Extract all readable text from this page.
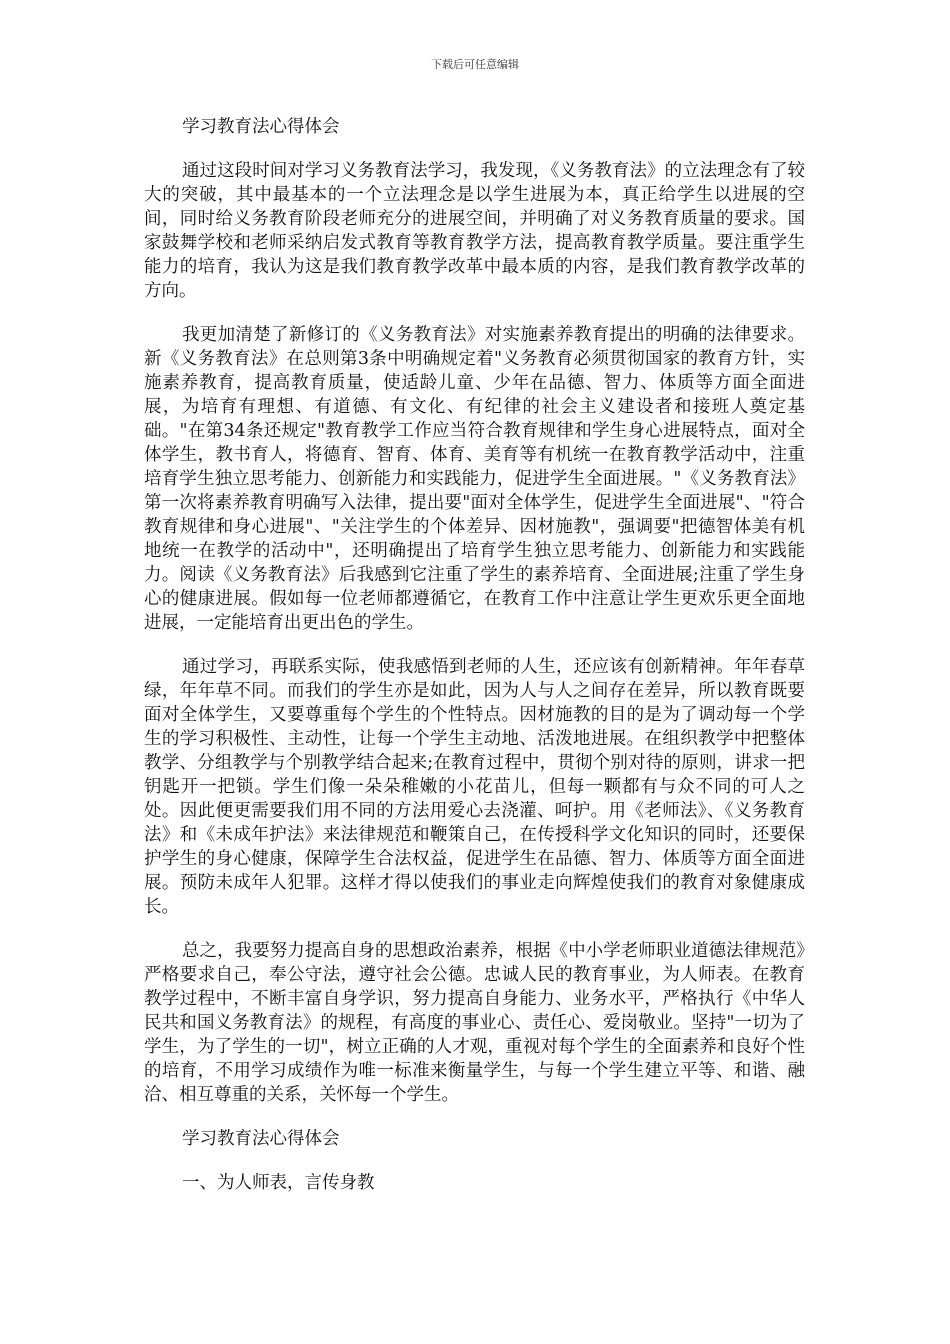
下载后可任意编辑

学习教育法心得体会

通过这段时间对学习义务教育法学习，我发现，《义务教育法》的立法理念有了较大的突破，其中最基本的一个立法理念是以学生进展为本，真正给学生以进展的空间，同时给义务教育阶段老师充分的进展空间，并明确了对义务教育质量的要求。国家鼓舞学校和老师采纳启发式教育等教育教学方法，提高教育教学质量。要注重学生能力的培育，我认为这是我们教育教学改革中最本质的内容，是我们教育教学改革的方向。

我更加清楚了新修订的《义务教育法》对实施素养教育提出的明确的法律要求。新《义务教育法》在总则第3条中明确规定着"义务教育必须贯彻国家的教育方针，实施素养教育，提高教育质量，使适龄儿童、少年在品德、智力、体质等方面全面进展，为培育有理想、有道德、有文化、有纪律的社会主义建设者和接班人奠定基础。"在第34条还规定"教育教学工作应当符合教育规律和学生身心进展特点，面对全体学生，教书育人，将德育、智育、体育、美育等有机统一在教育教学活动中，注重培育学生独立思考能力、创新能力和实践能力，促进学生全面进展。"《义务教育法》第一次将素养教育明确写入法律，提出要"面对全体学生，促进学生全面进展"、"符合教育规律和身心进展"、"关注学生的个体差异、因材施教"，强调要"把德智体美有机地统一在教学的活动中"，还明确提出了培育学生独立思考能力、创新能力和实践能力。阅读《义务教育法》后我感到它注重了学生的素养培育、全面进展;注重了学生身心的健康进展。假如每一位老师都遵循它，在教育工作中注意让学生更欢乐更全面地进展，一定能培育出更出色的学生。

通过学习，再联系实际，使我感悟到老师的人生，还应该有创新精神。年年春草绿，年年草不同。而我们的学生亦是如此，因为人与人之间存在差异，所以教育既要面对全体学生，又要尊重每个学生的个性特点。因材施教的目的是为了调动每一个学生的学习积极性、主动性，让每一个学生主动地、活泼地进展。在组织教学中把整体教学、分组教学与个别教学结合起来;在教育过程中，贯彻个别对待的原则，讲求一把钥匙开一把锁。学生们像一朵朵稚嫩的小花苗儿，但每一颗都有与众不同的可人之处。因此便更需要我们用不同的方法用爱心去浇灌、呵护。用《老师法》、《义务教育法》和《未成年护法》来法律规范和鞭策自己，在传授科学文化知识的同时，还要保护学生的身心健康，保障学生合法权益，促进学生在品德、智力、体质等方面全面进展。预防未成年人犯罪。这样才得以使我们的事业走向辉煌使我们的教育对象健康成长。

总之，我要努力提高自身的思想政治素养，根据《中小学老师职业道德法律规范》严格要求自己，奉公守法，遵守社会公德。忠诚人民的教育事业，为人师表。在教育教学过程中，不断丰富自身学识，努力提高自身能力、业务水平，严格执行《中华人民共和国义务教育法》的规程，有高度的事业心、责任心、爱岗敬业。坚持"一切为了学生，为了学生的一切"，树立正确的人才观，重视对每个学生的全面素养和良好个性的培育，不用学习成绩作为唯一标准来衡量学生，与每一个学生建立平等、和谐、融洽、相互尊重的关系，关怀每一个学生。

学习教育法心得体会

一、为人师表，言传身教
